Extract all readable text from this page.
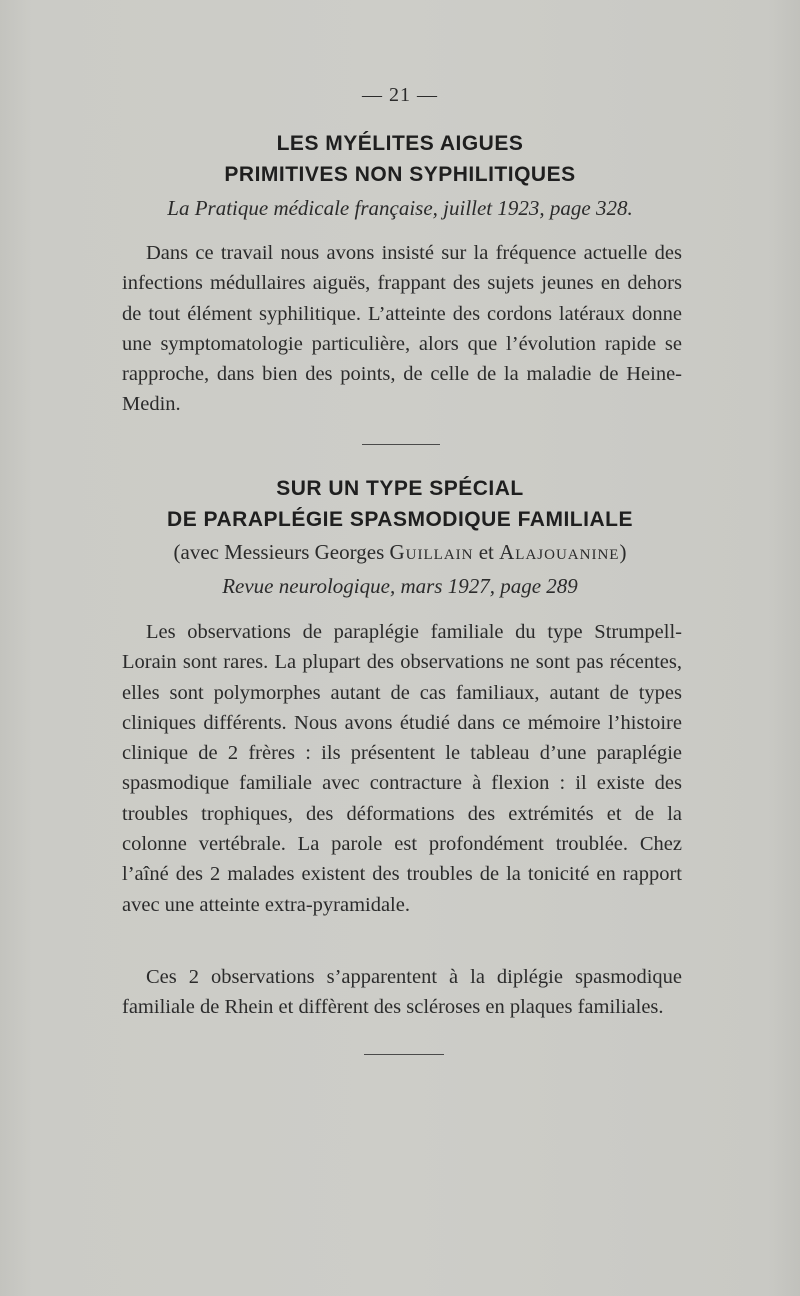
— 21 —
LES MYÉLITES AIGUES
PRIMITIVES NON SYPHILITIQUES
La Pratique médicale française, juillet 1923, page 328.

Dans ce travail nous avons insisté sur la fréquence actuelle des infections médullaires aiguës, frappant des sujets jeunes en dehors de tout élément syphilitique. L’atteinte des cordons latéraux donne une symptomatologie particulière, alors que l’évolution rapide se rapproche, dans bien des points, de celle de la maladie de Heine-Medin.

SUR UN TYPE SPÉCIAL
DE PARAPLÉGIE SPASMODIQUE FAMILIALE
(avec Messieurs Georges Guillain et Alajouanine)
Revue neurologique, mars 1927, page 289

Les observations de paraplégie familiale du type Strumpell-Lorain sont rares. La plupart des observations ne sont pas récentes, elles sont polymorphes autant de cas familiaux, autant de types cliniques différents. Nous avons étudié dans ce mémoire l’histoire clinique de 2 frères : ils présentent le tableau d’une paraplégie spasmodique familiale avec contracture à flexion : il existe des troubles trophiques, des déformations des extrémités et de la colonne vertébrale. La parole est profondément troublée. Chez l’aîné des 2 malades existent des troubles de la tonicité en rapport avec une atteinte extra-pyramidale.

Ces 2 observations s’apparentent à la diplégie spasmodique familiale de Rhein et diffèrent des scléroses en plaques familiales.
